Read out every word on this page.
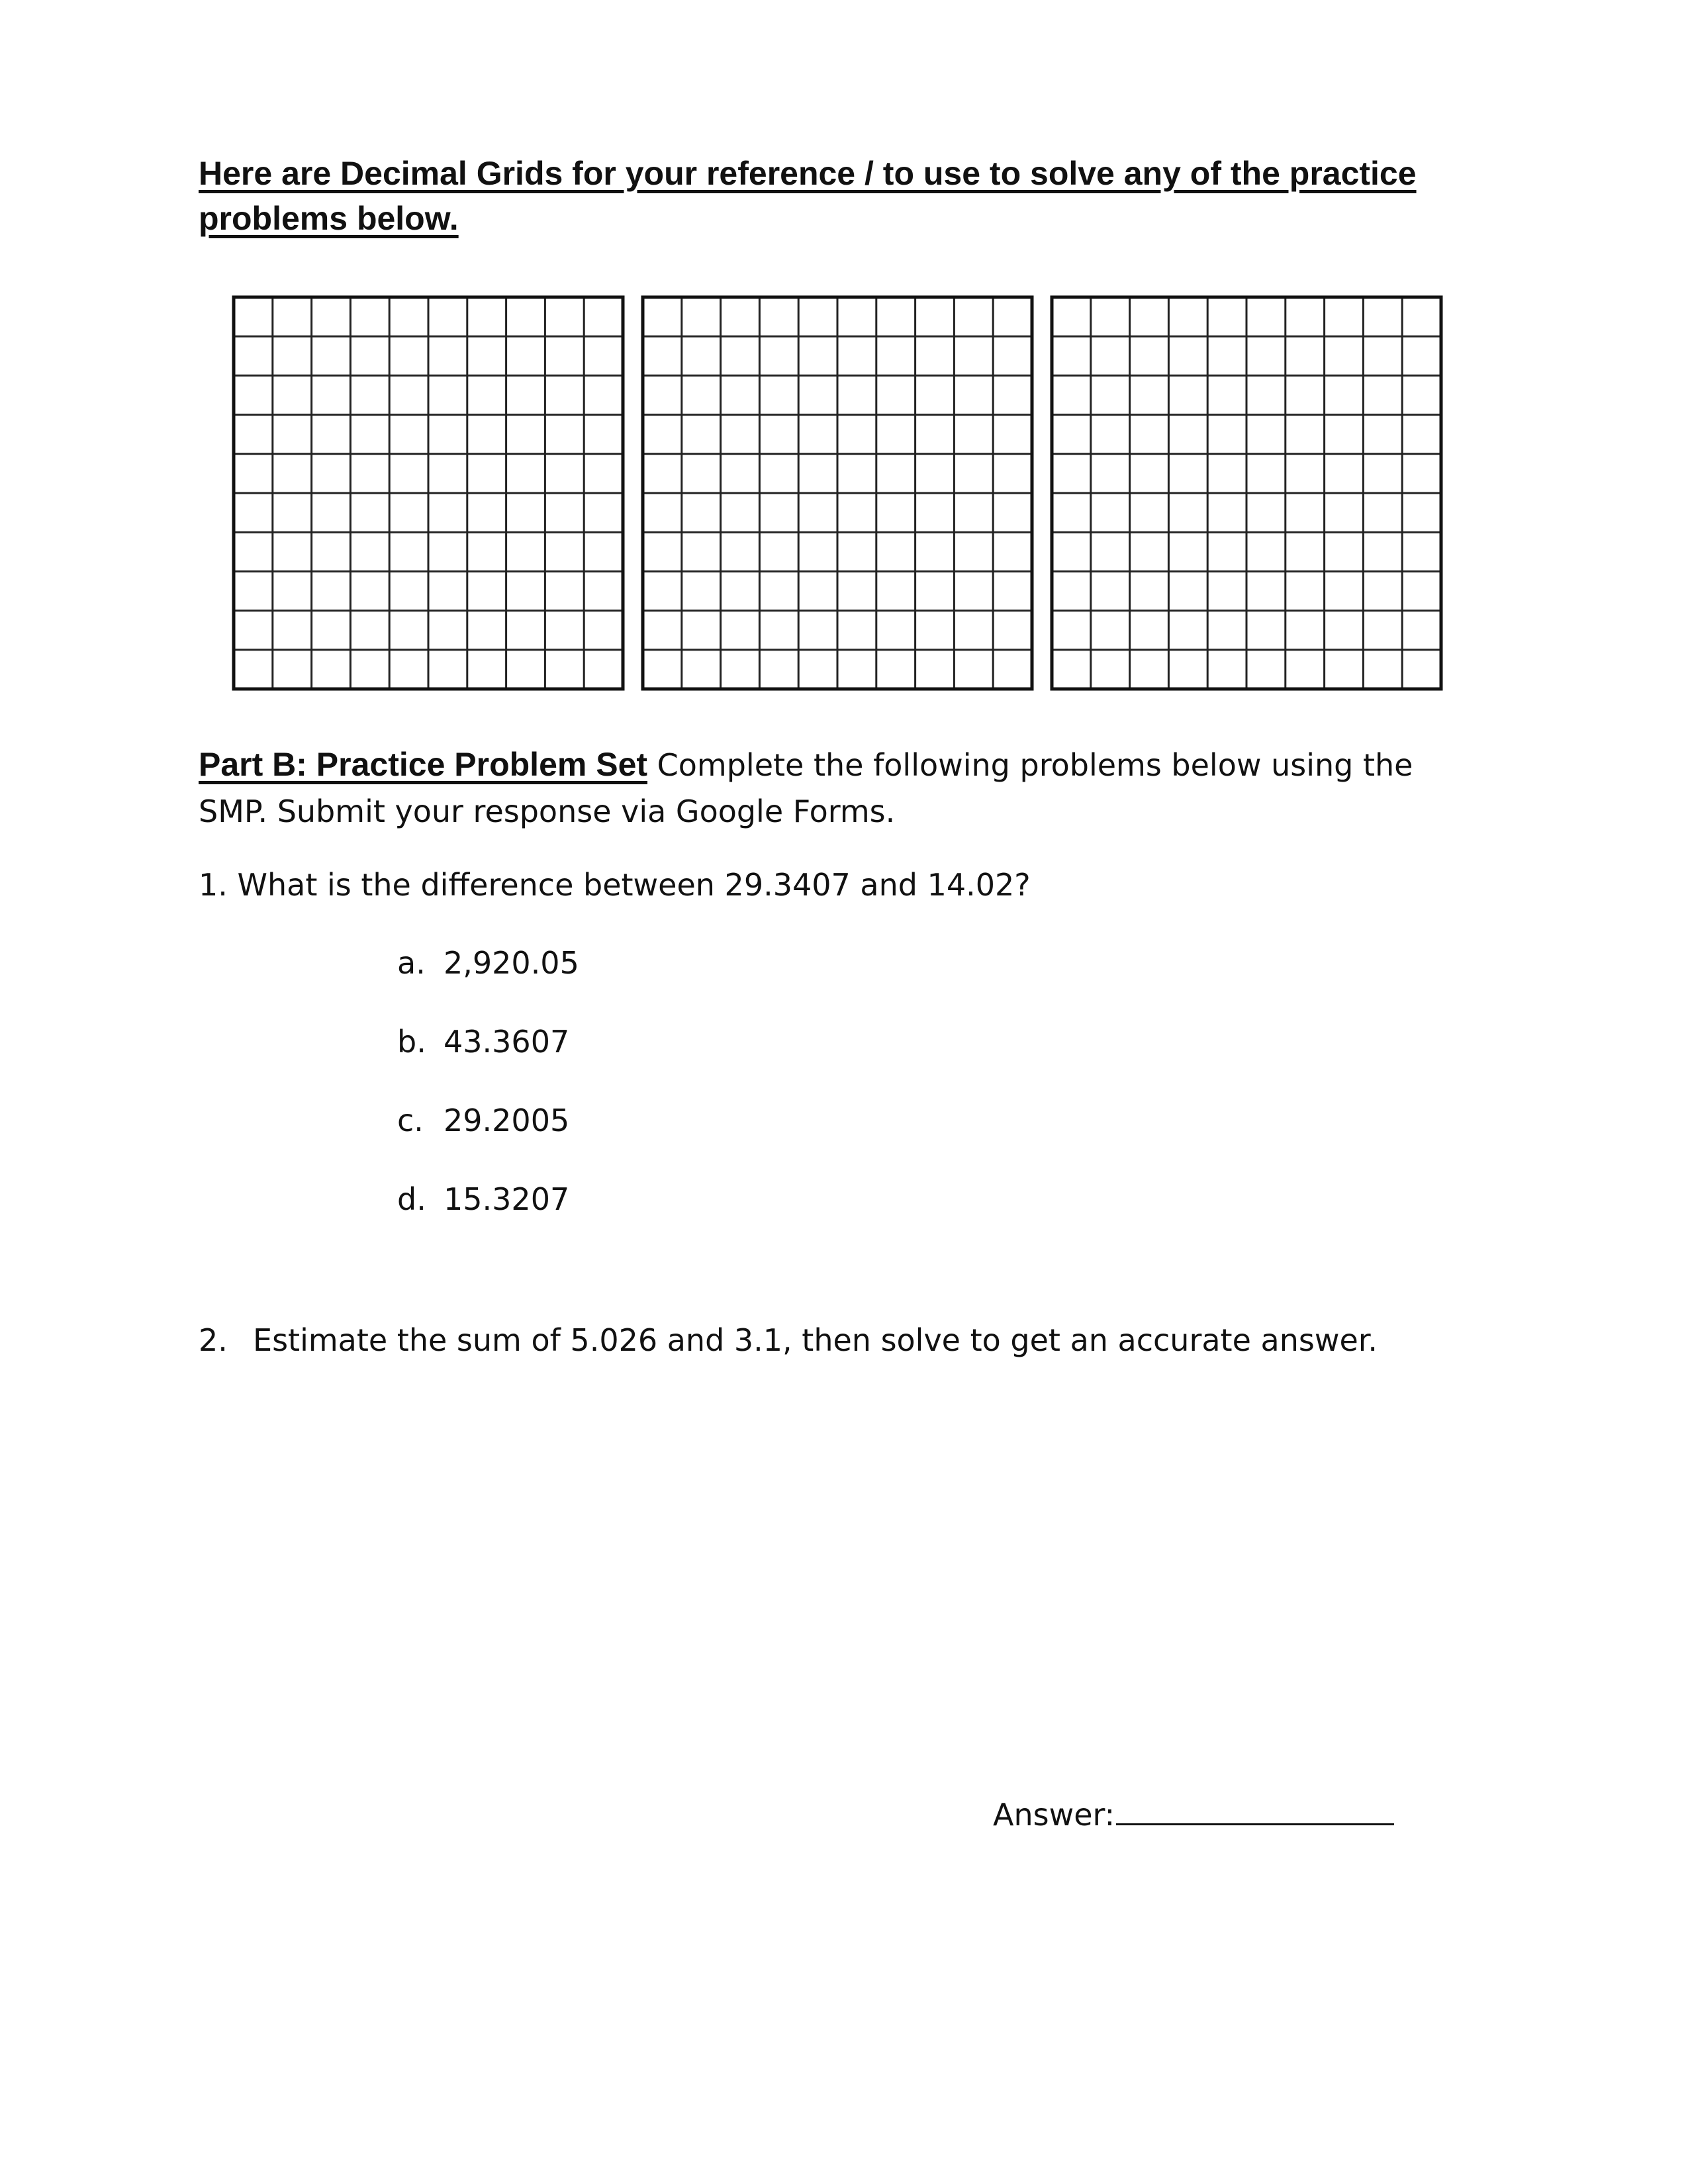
Here are Decimal Grids for your reference / to use to solve any of the practice problems below.
Part B: Practice Problem Set Complete the following problems below using the SMP. Submit your response via Google Forms.
1. What is the difference between 29.3407 and 14.02?
a. 2,920.05
b. 43.3607
c. 29.2005
d. 15.3207
2. Estimate the sum of 5.026 and 3.1, then solve to get an accurate answer.
Answer:
